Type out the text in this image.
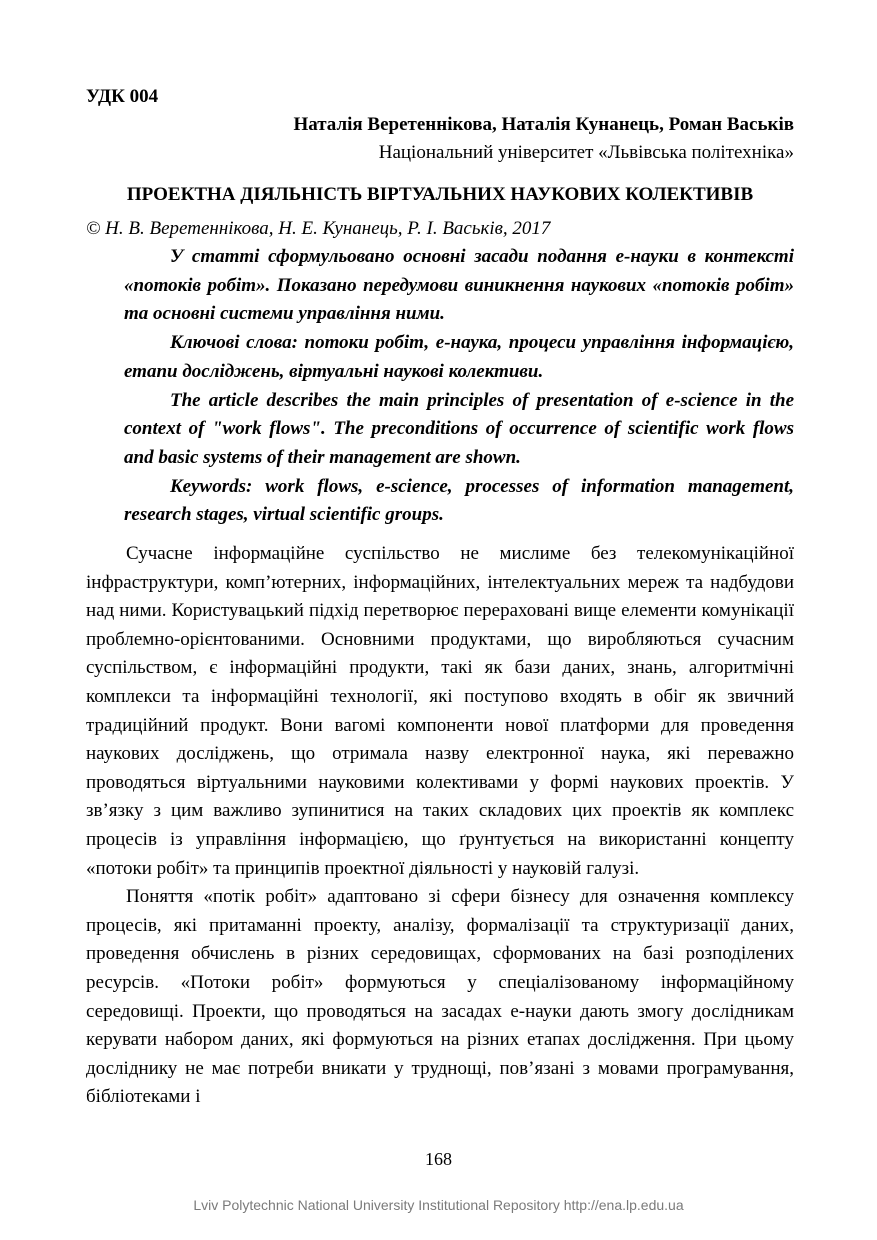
УДК 004

Наталія Веретеннікова, Наталія Кунанець, Роман Васьків

Національний університет «Львівська політехніка»

ПРОЕКТНА ДІЯЛЬНІСТЬ ВІРТУАЛЬНИХ НАУКОВИХ КОЛЕКТИВІВ

© Н. В. Веретеннікова, Н. Е. Кунанець, Р. І. Васьків, 2017

У статті сформульовано основні засади подання е-науки в контексті «потоків робіт». Показано передумови виникнення наукових «потоків робіт» та основні системи управління ними.

Ключові слова: потоки робіт, е-наука, процеси управління інформацією, етапи досліджень, віртуальні наукові колективи.

The article describes the main principles of presentation of e-science in the context of "work flows". The preconditions of occurrence of scientific work flows and basic systems of their management are shown.

Keywords: work flows, e-science, processes of information management, research stages, virtual scientific groups.

Сучасне інформаційне суспільство не мислиме без телекомунікаційної інфраструктури, комп’ютерних, інформаційних, інтелектуальних мереж та надбудови над ними. Користувацький підхід перетворює перераховані вище елементи комунікації проблемно-орієнтованими. Основними продуктами, що виробляються сучасним суспільством, є інформаційні продукти, такі як бази даних, знань, алгоритмічні комплекси та інформаційні технології, які поступово входять в обіг як звичний традиційний продукт. Вони вагомі компоненти нової платформи для проведення наукових досліджень, що отримала назву електронної наука, які переважно проводяться віртуальними науковими колективами у формі наукових проектів. У зв’язку з цим важливо зупинитися на таких складових цих проектів як комплекс процесів із управління інформацією, що ґрунтується на використанні концепту «потоки робіт» та принципів проектної діяльності у науковій галузі.

Поняття «потік робіт» адаптовано зі сфери бізнесу для означення комплексу процесів, які притаманні проекту, аналізу, формалізації та структуризації даних, проведення обчислень в різних середовищах, сформованих на базі розподілених ресурсів. «Потоки робіт» формуються у спеціалізованому інформаційному середовищі. Проекти, що проводяться на засадах е-науки дають змогу дослідникам керувати набором даних, які формуються на різних етапах дослідження. При цьому досліднику не має потреби вникати у труднощі, пов’язані з мовами програмування, бібліотеками і

168
Lviv Polytechnic National University Institutional Repository http://ena.lp.edu.ua
